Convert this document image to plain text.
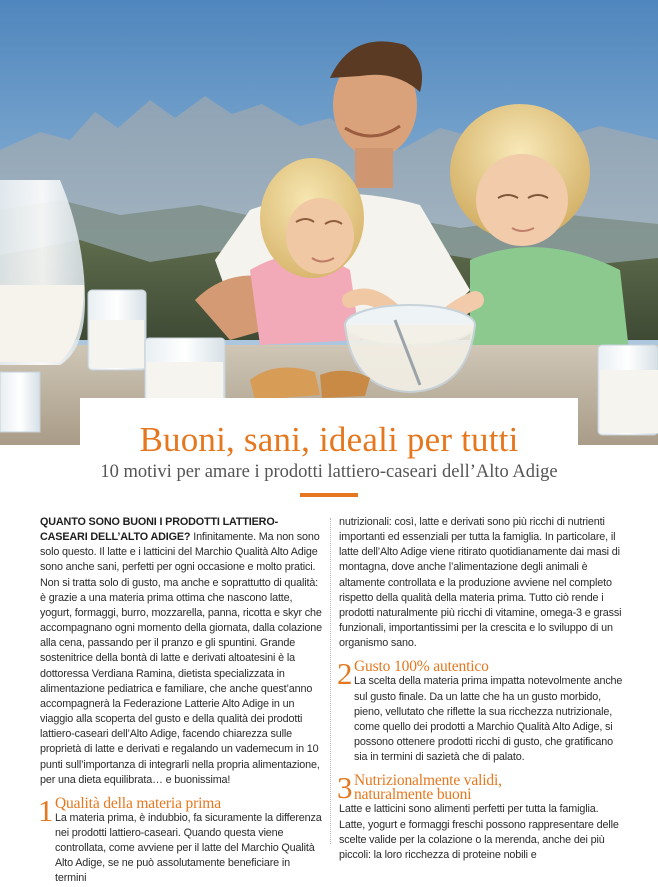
Buoni, sani, ideali per tutti

10 motivi per amare i prodotti lattiero-caseari dell’Alto Adige

QUANTO SONO BUONI I PRODOTTI LATTIERO-CASEARI DELL’ALTO ADIGE? Infinitamente. Ma non sono solo questo. Il latte e i latticini del Marchio Qualità Alto Adige sono anche sani, perfetti per ogni occasione e molto pratici. Non si tratta solo di gusto, ma anche e soprattutto di qualità: è grazie a una materia prima ottima che nascono latte, yogurt, formaggi, burro, mozzarella, panna, ricotta e skyr che accompagnano ogni momento della giornata, dalla colazione alla cena, passando per il pranzo e gli spuntini. Grande sostenitrice della bontà di latte e derivati altoatesini è la dottoressa Verdiana Ramina, dietista specializzata in alimentazione pediatrica e familiare, che anche quest’anno accompagnerà la Federazione Latterie Alto Adige in un viaggio alla scoperta del gusto e della qualità dei prodotti lattiero-caseari dell’Alto Adige, facendo chiarezza sulle proprietà di latte e derivati e regalando un vademecum in 10 punti sull’importanza di integrarli nella propria alimentazione, per una dieta equilibrata… e buonissima!

1 Qualità della materia prima

La materia prima, è indubbio, fa sicuramente la differenza nei prodotti lattiero-caseari. Quando questa viene controllata, come avviene per il latte del Marchio Qualità Alto Adige, se ne può assolutamente beneficiare in termini

nutrizionali: così, latte e derivati sono più ricchi di nutrienti importanti ed essenziali per tutta la famiglia. In particolare, il latte dell’Alto Adige viene ritirato quotidianamente dai masi di montagna, dove anche l’alimentazione degli animali è altamente controllata e la produzione avviene nel completo rispetto della qualità della materia prima. Tutto ciò rende i prodotti naturalmente più ricchi di vitamine, omega-3 e grassi funzionali, importantissimi per la crescita e lo sviluppo di un organismo sano.

2 Gusto 100% autentico

La scelta della materia prima impatta notevolmente anche sul gusto finale. Da un latte che ha un gusto morbido, pieno, vellutato che riflette la sua ricchezza nutrizionale, come quello dei prodotti a Marchio Qualità Alto Adige, si possono ottenere prodotti ricchi di gusto, che gratificano sia in termini di sazietà che di palato.

3 Nutrizionalmente validi,
naturalmente buoni

Latte e latticini sono alimenti perfetti per tutta la famiglia. Latte, yogurt e formaggi freschi possono rappresentare delle scelte valide per la colazione o la merenda, anche dei più piccoli: la loro ricchezza di proteine nobili e
